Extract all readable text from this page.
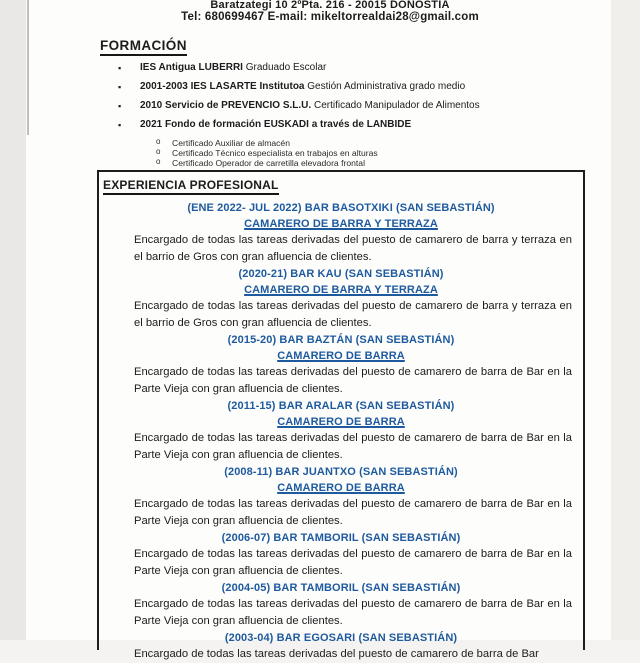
Baratzategi 10 2ºPta. 216 - 20015 DONOSTIA
Tel: 680699467 E-mail: mikeltorrealdai28@gmail.com
FORMACIÓN
▪ IES Antigua LUBERRI Graduado Escolar
▪ 2001-2003 IES LASARTE Institutoa Gestión Administrativa grado medio
▪ 2010 Servicio de PREVENCIO S.L.U. Certificado Manipulador de Alimentos
▪ 2021 Fondo de formación EUSKADI a través de LANBIDE
o Certificado Auxiliar de almacén
o Certificado Técnico especialista en trabajos en alturas
o Certificado Operador de carretilla elevadora frontal
EXPERIENCIA PROFESIONAL
(ENE 2022- JUL 2022) BAR BASOTXIKI (SAN SEBASTIÁN)
CAMARERO DE BARRA Y TERRAZA
Encargado de todas las tareas derivadas del puesto de camarero de barra y terraza en el barrio de Gros con gran afluencia de clientes.
(2020-21) BAR KAU (SAN SEBASTIÁN)
CAMARERO DE BARRA Y TERRAZA
Encargado de todas las tareas derivadas del puesto de camarero de barra y terraza en el barrio de Gros con gran afluencia de clientes.
(2015-20) BAR BAZTÁN (SAN SEBASTIÁN)
CAMARERO DE BARRA
Encargado de todas las tareas derivadas del puesto de camarero de barra de Bar en la Parte Vieja con gran afluencia de clientes.
(2011-15) BAR ARALAR (SAN SEBASTIÁN)
CAMARERO DE BARRA
Encargado de todas las tareas derivadas del puesto de camarero de barra de Bar en la Parte Vieja con gran afluencia de clientes.
(2008-11) BAR JUANTXO (SAN SEBASTIÁN)
CAMARERO DE BARRA
Encargado de todas las tareas derivadas del puesto de camarero de barra de Bar en la Parte Vieja con gran afluencia de clientes.
(2006-07) BAR TAMBORIL (SAN SEBASTIÁN)
Encargado de todas las tareas derivadas del puesto de camarero de barra de Bar en la Parte Vieja con gran afluencia de clientes.
(2004-05) BAR TAMBORIL (SAN SEBASTIÁN)
Encargado de todas las tareas derivadas del puesto de camarero de barra de Bar en la Parte Vieja con gran afluencia de clientes.
(2003-04) BAR EGOSARI (SAN SEBASTIÁN)
Encargado de todas las tareas derivadas del puesto de camarero de barra de Bar
